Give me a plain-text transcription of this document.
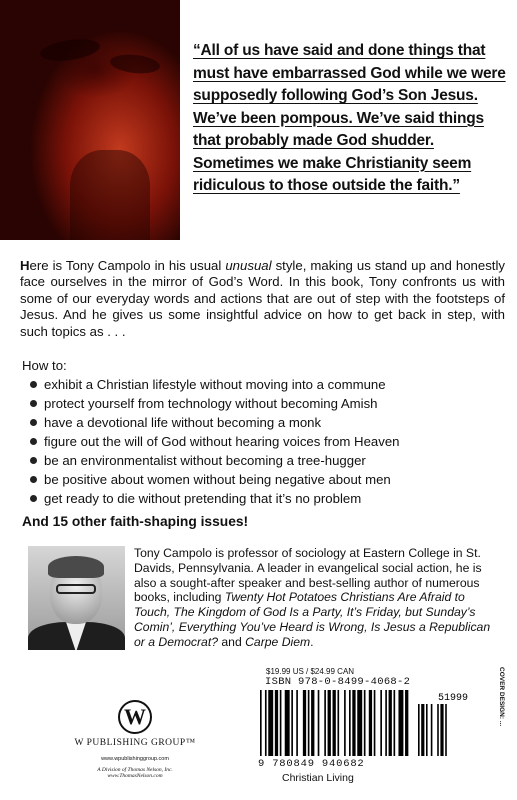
“All of us have said and done things that must have embarrassed God while we were supposedly following God’s Son Jesus. We’ve been pompous. We’ve said things that probably made God shudder. Sometimes we make Christianity seem ridiculous to those outside the faith.”

Here is Tony Campolo in his usual unusual style, making us stand up and honestly face ourselves in the mirror of God’s Word. In this book, Tony confronts us with some of our everyday words and actions that are out of step with the footsteps of Jesus. And he gives us some insightful advice on how to get back in step, with such topics as . . .

How to:
exhibit a Christian lifestyle without moving into a commune
protect yourself from technology without becoming Amish
have a devotional life without becoming a monk
figure out the will of God without hearing voices from Heaven
be an environmentalist without becoming a tree-hugger
be positive about women without being negative about men
get ready to die without pretending that it’s no problem
And 15 other faith-shaping issues!

Tony Campolo is professor of sociology at Eastern College in St. Davids, Pennsylvania. A leader in evangelical social action, he is also a sought-after speaker and best-selling author of numerous books, including Twenty Hot Potatoes Christians Are Afraid to Touch, The Kingdom of God Is a Party, It’s Friday, but Sunday’s Comin’, Everything You’ve Heard is Wrong, Is Jesus a Republican or a Democrat? and Carpe Diem.

W
W PUBLISHING GROUP™
www.wpublishinggroup.com
A Division of Thomas Nelson, Inc.
www.ThomasNelson.com
$19.99 US / $24.99 CAN
ISBN 978-0-8499-4068-2
51999
9 780849 940682
Christian Living
COVER DESIGN: ...
